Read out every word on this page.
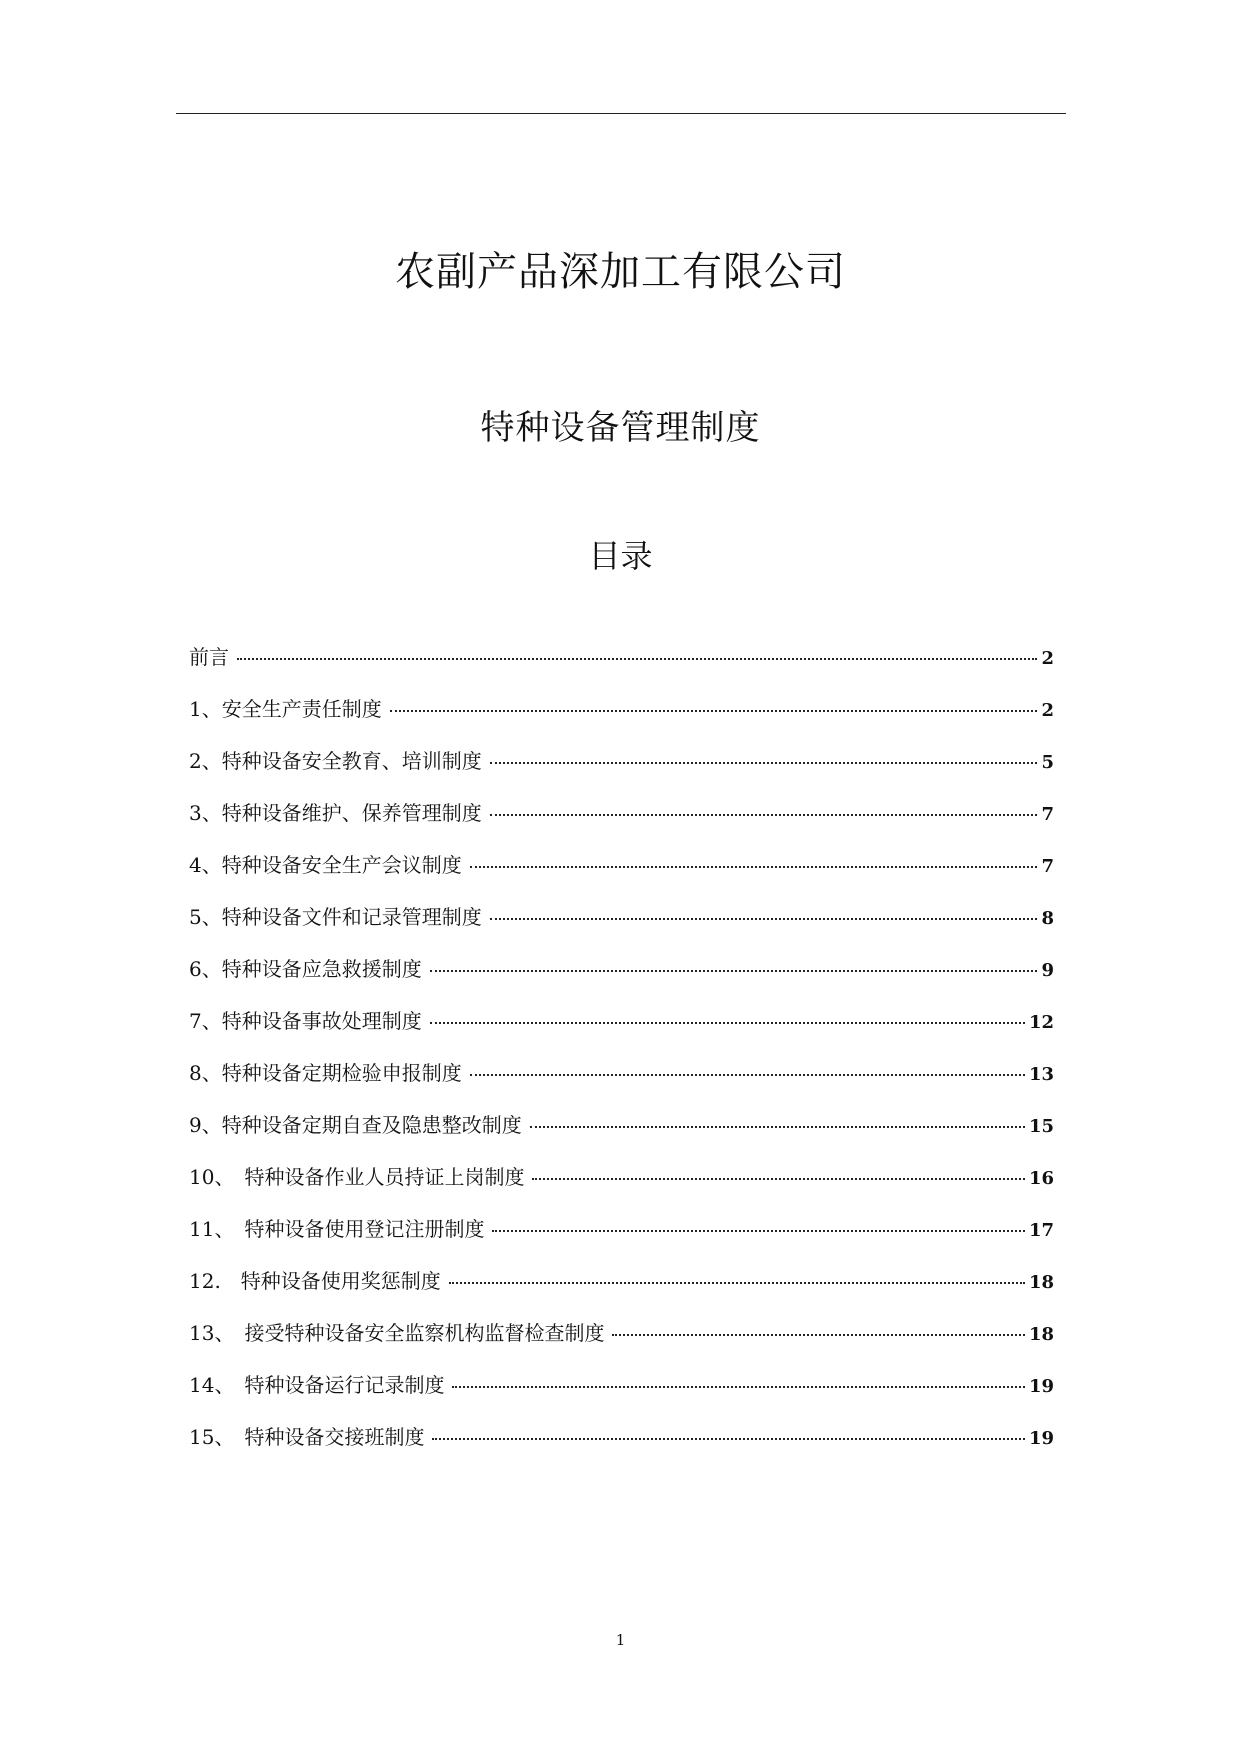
农副产品深加工有限公司
特种设备管理制度
目录
前言	2
1、安全生产责任制度	2
2、特种设备安全教育、培训制度	5
3、特种设备维护、保养管理制度	7
4、特种设备安全生产会议制度	7
5、特种设备文件和记录管理制度	8
6、特种设备应急救援制度	9
7、特种设备事故处理制度	12
8、特种设备定期检验申报制度	13
9、特种设备定期自查及隐患整改制度	15
10、　特种设备作业人员持证上岗制度	16
11、　特种设备使用登记注册制度	17
12.　特种设备使用奖惩制度	18
13、　接受特种设备安全监察机构监督检查制度	18
14、　特种设备运行记录制度	19
15、　特种设备交接班制度	19
1
